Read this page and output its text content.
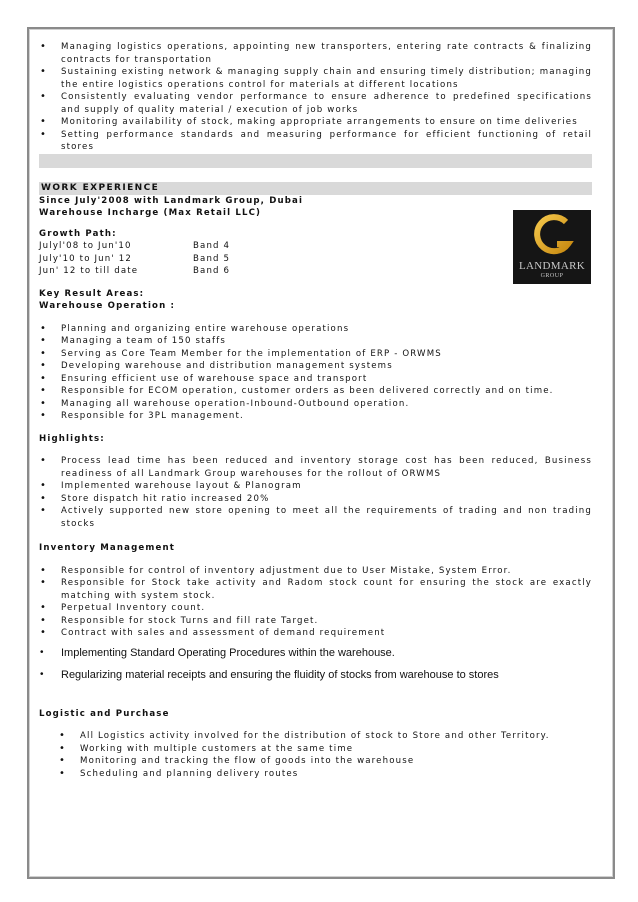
• Managing logistics operations, appointing new transporters, entering rate contracts & finalizing contracts for transportation
• Sustaining existing network & managing supply chain and ensuring timely distribution; managing the entire logistics operations control for materials at different locations
• Consistently evaluating vendor performance to ensure adherence to predefined specifications and supply of quality material / execution of job works
• Monitoring availability of stock, making appropriate arrangements to ensure on time deliveries
• Setting performance standards and measuring performance for efficient functioning of retail stores
WORK EXPERIENCE
Since July'2008 with Landmark Group, Dubai
Warehouse Incharge (Max Retail LLC)
Growth Path:
Julyl'08 to Jun'10	Band 4
July'10 to Jun' 12	Band 5
Jun' 12 to till date	Band 6
Key Result Areas:
Warehouse Operation :
• Planning and organizing entire warehouse operations
• Managing a team of 150 staffs
• Serving as Core Team Member for the implementation of ERP - ORWMS
• Developing warehouse and distribution management systems
• Ensuring efficient use of warehouse space and transport
• Responsible for ECOM operation, customer orders as been delivered correctly and on time.
• Managing all warehouse operation-Inbound-Outbound operation.
• Responsible for 3PL management.
Highlights:
• Process lead time has been reduced and inventory storage cost has been reduced, Business readiness of all Landmark Group warehouses for the rollout of ORWMS
• Implemented warehouse layout & Planogram
• Store dispatch hit ratio increased 20%
• Actively supported new store opening to meet all the requirements of trading and non trading stocks
Inventory Management
• Responsible for control of inventory adjustment due to User Mistake, System Error.
• Responsible for Stock take activity and Radom stock count for ensuring the stock are exactly matching with system stock.
• Perpetual Inventory count.
• Responsible for stock Turns and fill rate Target.
• Contract with sales and assessment of demand requirement
• Implementing Standard Operating Procedures within the warehouse.
• Regularizing material receipts and ensuring the fluidity of stocks from warehouse to stores
Logistic and Purchase
• All Logistics activity involved for the distribution of stock to Store and other Territory.
• Working with multiple customers at the same time
• Monitoring and tracking the flow of goods into the warehouse
• Scheduling and planning delivery routes
LANDMARK
GROUP
